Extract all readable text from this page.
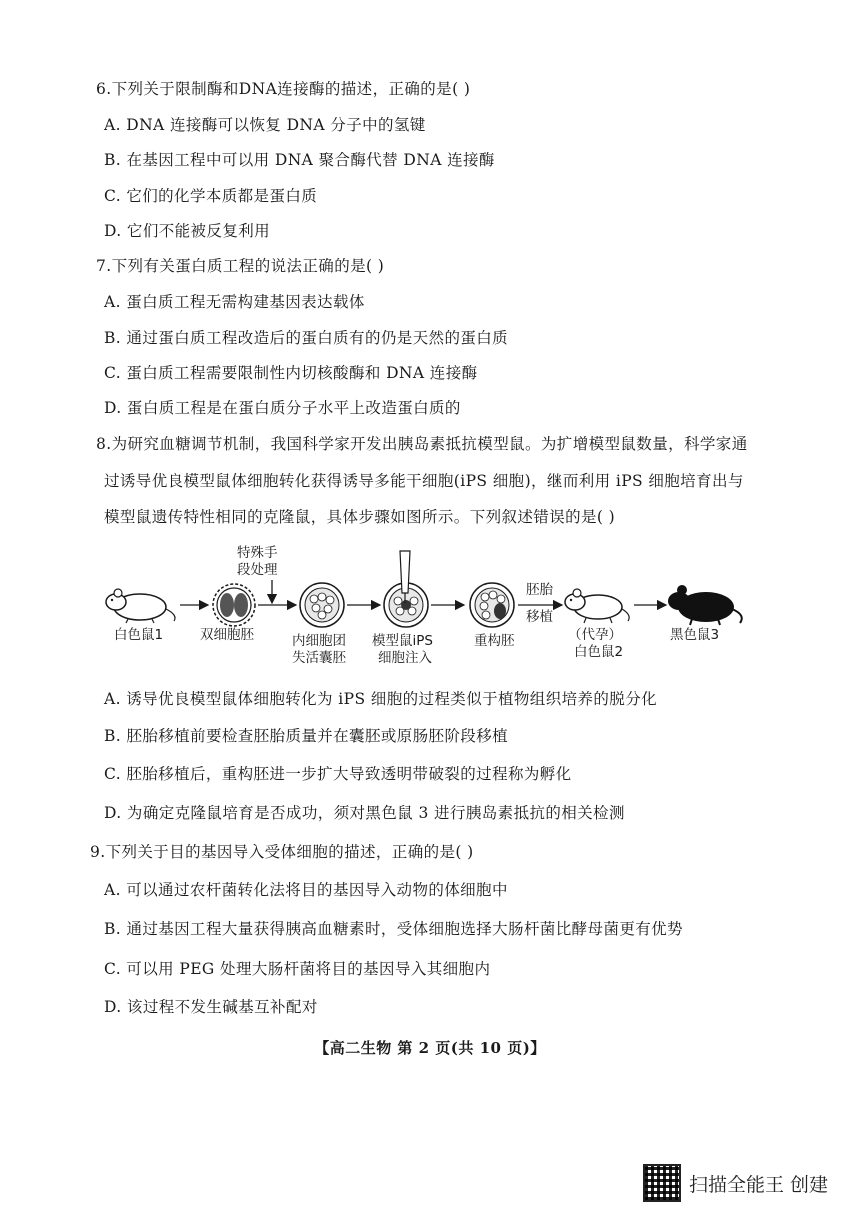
6.下列关于限制酶和DNA连接酶的描述，正确的是( )
A. DNA 连接酶可以恢复 DNA 分子中的氢键
B. 在基因工程中可以用 DNA 聚合酶代替 DNA 连接酶
C. 它们的化学本质都是蛋白质
D. 它们不能被反复利用
7.下列有关蛋白质工程的说法正确的是( )
A. 蛋白质工程无需构建基因表达载体
B. 通过蛋白质工程改造后的蛋白质有的仍是天然的蛋白质
C. 蛋白质工程需要限制性内切核酸酶和 DNA 连接酶
D. 蛋白质工程是在蛋白质分子水平上改造蛋白质的
8.为研究血糖调节机制，我国科学家开发出胰岛素抵抗模型鼠。为扩增模型鼠数量，科学家通
过诱导优良模型鼠体细胞转化获得诱导多能干细胞(iPS 细胞)，继而利用 iPS 细胞培育出与
模型鼠遗传特性相同的克隆鼠，具体步骤如图所示。下列叙述错误的是( )
白色鼠1	双细胞胚
特殊手
段处理
内细胞团
失活囊胚
模型鼠iPS
细胞注入
重构胚
胚胎
移植
（代孕）
白色鼠2
黑色鼠3
A. 诱导优良模型鼠体细胞转化为 iPS 细胞的过程类似于植物组织培养的脱分化
B. 胚胎移植前要检查胚胎质量并在囊胚或原肠胚阶段移植
C. 胚胎移植后，重构胚进一步扩大导致透明带破裂的过程称为孵化
D. 为确定克隆鼠培育是否成功，须对黑色鼠 3 进行胰岛素抵抗的相关检测
9.下列关于目的基因导入受体细胞的描述，正确的是( )
A. 可以通过农杆菌转化法将目的基因导入动物的体细胞中
B. 通过基因工程大量获得胰高血糖素时，受体细胞选择大肠杆菌比酵母菌更有优势
C. 可以用 PEG 处理大肠杆菌将目的基因导入其细胞内
D. 该过程不发生碱基互补配对
【高二生物 第 2 页(共 10 页)】
扫描全能王 创建
